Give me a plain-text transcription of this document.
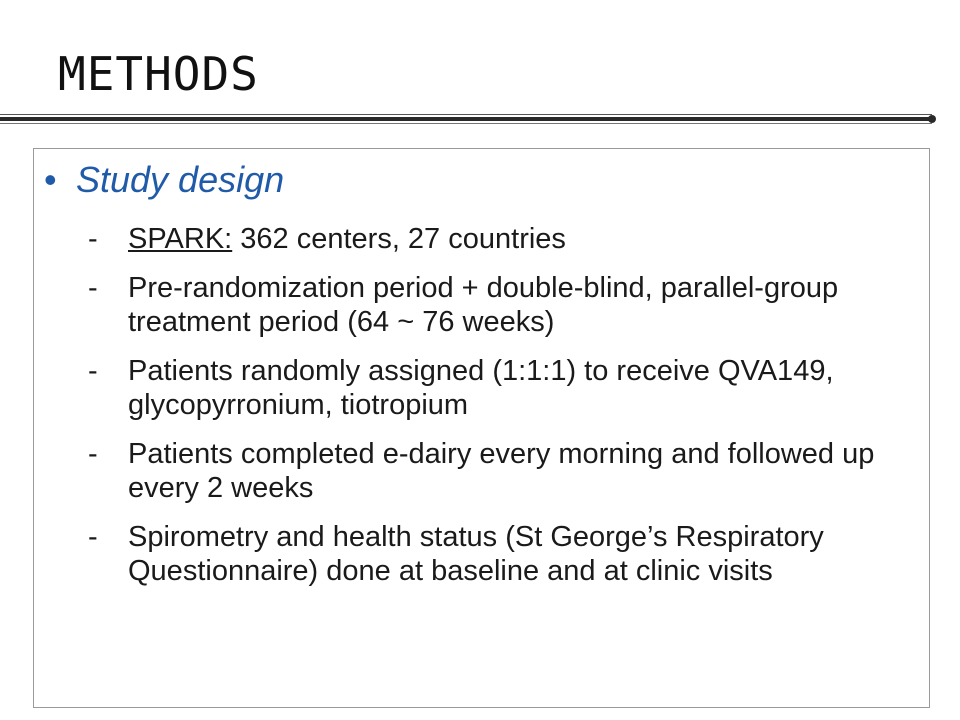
METHODS
• Study design
-	SPARK: 362 centers, 27 countries
-	Pre-randomization period + double-blind, parallel-group treatment period (64 ~ 76 weeks)
-	Patients randomly assigned (1:1:1) to receive QVA149, glycopyrronium, tiotropium
-	Patients completed e-dairy every morning and followed up every 2 weeks
-	Spirometry and health status (St George’s Respiratory Questionnaire) done at baseline and at clinic visits
